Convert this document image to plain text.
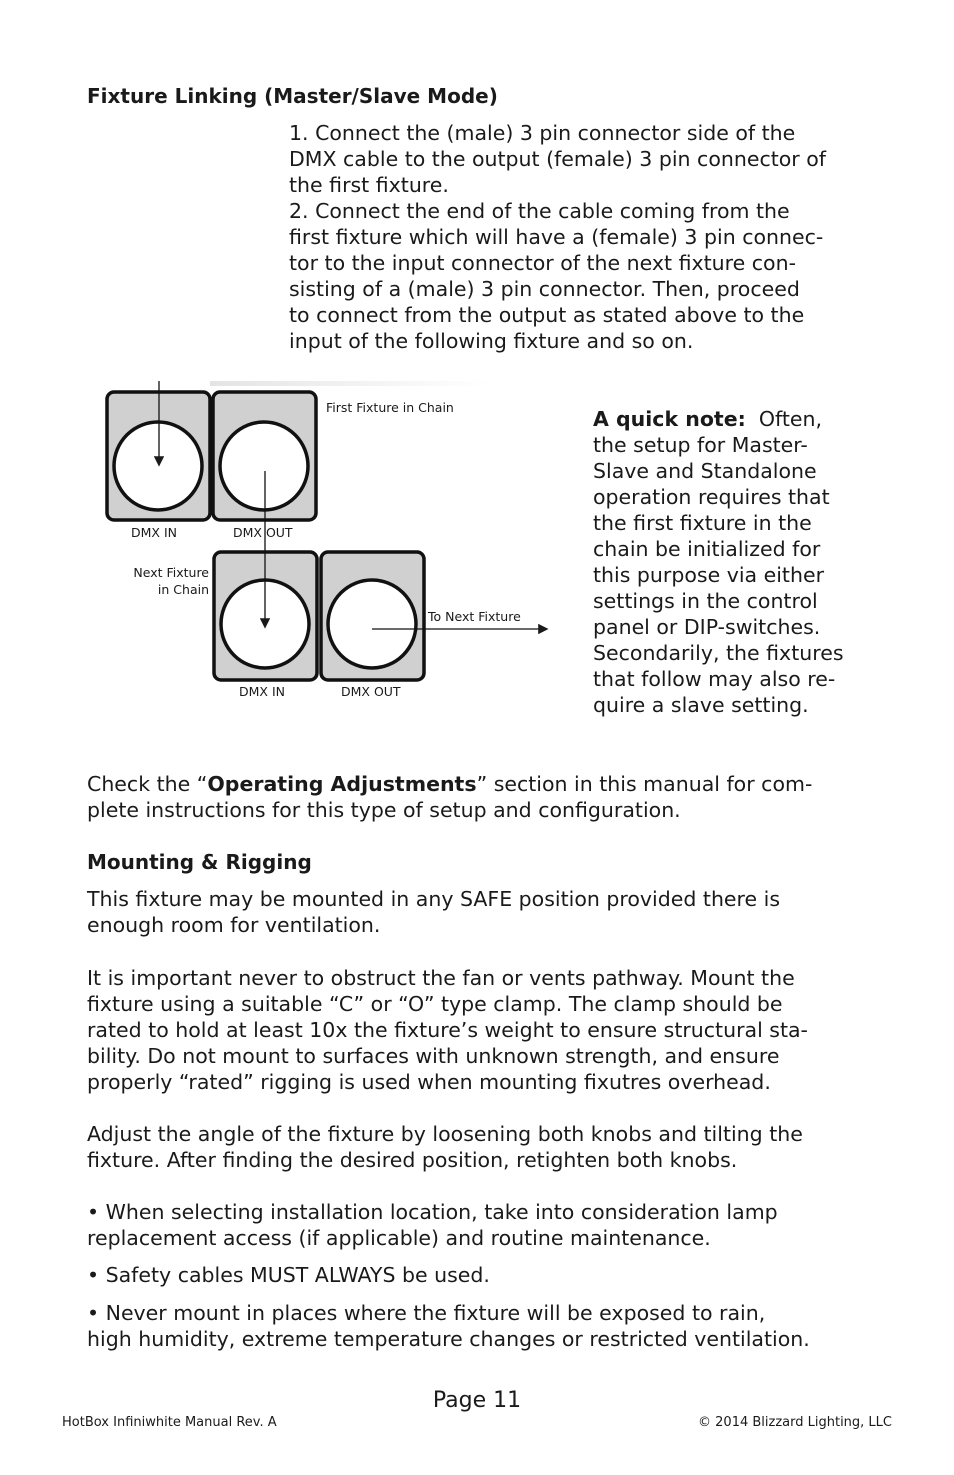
Fixture Linking (Master/Slave Mode)

1. Connect the (male) 3 pin connector side of the
DMX cable to the output (female) 3 pin connector of
the first fixture.

2. Connect the end of the cable coming from the
first fixture which will have a (female) 3 pin connec-
tor to the input connector of the next fixture con-
sisting of a (male) 3 pin connector. Then, proceed
to connect from the output as stated above to the
input of the following fixture and so on.

First Fixture in Chain
DMX IN	DMX OUT
Next Fixture
in Chain
To Next Fixture
DMX IN	DMX OUT

A quick note:  Often,

the setup for Master-
Slave and Standalone
operation requires that
the first fixture in the
chain be initialized for
this purpose via either
settings in the control
panel or DIP-switches.
Secondarily, the fixtures
that follow may also re-
quire a slave setting.

Check the “Operating Adjustments” section in this manual for com-
plete instructions for this type of setup and configuration.

Mounting & Rigging

This fixture may be mounted in any SAFE position provided there is
enough room for ventilation.

It is important never to obstruct the fan or vents pathway. Mount the
fixture using a suitable “C” or “O” type clamp. The clamp should be
rated to hold at least 10x the fixture’s weight to ensure structural sta-
bility. Do not mount to surfaces with unknown strength, and ensure
properly “rated” rigging is used when mounting fixutres overhead.

Adjust the angle of the fixture by loosening both knobs and tilting the
fixture. After finding the desired position, retighten both knobs.

• When selecting installation location, take into consideration lamp
replacement access (if applicable) and routine maintenance.

• Safety cables MUST ALWAYS be used.

• Never mount in places where the fixture will be exposed to rain,
high humidity, extreme temperature changes or restricted ventilation.

Page 11
HotBox Infiniwhite Manual Rev. A	© 2014 Blizzard Lighting, LLC
